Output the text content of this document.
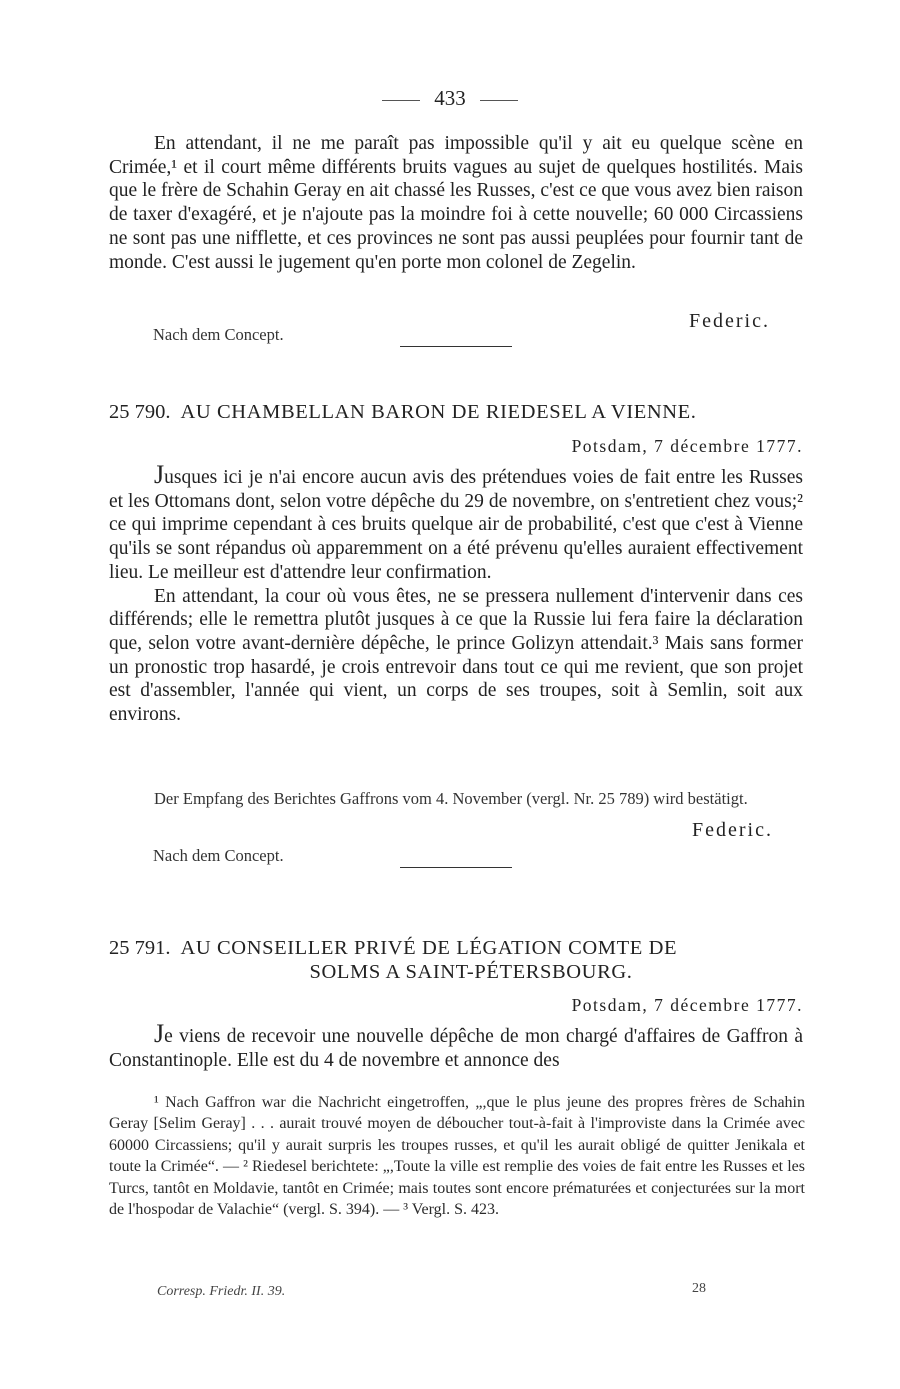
433

En attendant, il ne me paraît pas impossible qu'il y ait eu quelque scène en Crimée,¹ et il court même différents bruits vagues au sujet de quelques hostilités. Mais que le frère de Schahin Geray en ait chassé les Russes, c'est ce que vous avez bien raison de taxer d'exagéré, et je n'ajoute pas la moindre foi à cette nouvelle; 60 000 Circassiens ne sont pas une nifflette, et ces provinces ne sont pas aussi peuplées pour fournir tant de monde. C'est aussi le jugement qu'en porte mon colonel de Zegelin.

Federic.
Nach dem Concept.
25 790. AU CHAMBELLAN BARON DE RIEDESEL A VIENNE.
Potsdam, 7 décembre 1777.

Jusques ici je n'ai encore aucun avis des prétendues voies de fait entre les Russes et les Ottomans dont, selon votre dépêche du 29 de novembre, on s'entretient chez vous;² ce qui imprime cependant à ces bruits quelque air de probabilité, c'est que c'est à Vienne qu'ils se sont répandus où apparemment on a été prévenu qu'elles auraient effectivement lieu. Le meilleur est d'attendre leur confirmation.

En attendant, la cour où vous êtes, ne se pressera nullement d'intervenir dans ces différends; elle le remettra plutôt jusques à ce que la Russie lui fera faire la déclaration que, selon votre avant-dernière dépêche, le prince Golizyn attendait.³ Mais sans former un pronostic trop hasardé, je crois entrevoir dans tout ce qui me revient, que son projet est d'assembler, l'année qui vient, un corps de ses troupes, soit à Semlin, soit aux environs.

Der Empfang des Berichtes Gaffrons vom 4. November (vergl. Nr. 25 789) wird bestätigt.
Federic.
Nach dem Concept.
25 791. AU CONSEILLER PRIVÉ DE LÉGATION COMTE DE
SOLMS A SAINT-PÉTERSBOURG.
Potsdam, 7 décembre 1777.

Je viens de recevoir une nouvelle dépêche de mon chargé d'affaires de Gaffron à Constantinople. Elle est du 4 de novembre et annonce des

¹ Nach Gaffron war die Nachricht eingetroffen, „,que le plus jeune des propres frères de Schahin Geray [Selim Geray] . . . aurait trouvé moyen de déboucher tout-à-fait à l'improviste dans la Crimée avec 60000 Circassiens; qu'il y aurait surpris les troupes russes, et qu'il les aurait obligé de quitter Jenikala et toute la Crimée“. — ² Riedesel berichtete: „,Toute la ville est remplie des voies de fait entre les Russes et les Turcs, tantôt en Moldavie, tantôt en Crimée; mais toutes sont encore prématurées et conjecturées sur la mort de l'hospodar de Valachie“ (vergl. S. 394). — ³ Vergl. S. 423.
Corresp. Friedr. II. 39.	28
